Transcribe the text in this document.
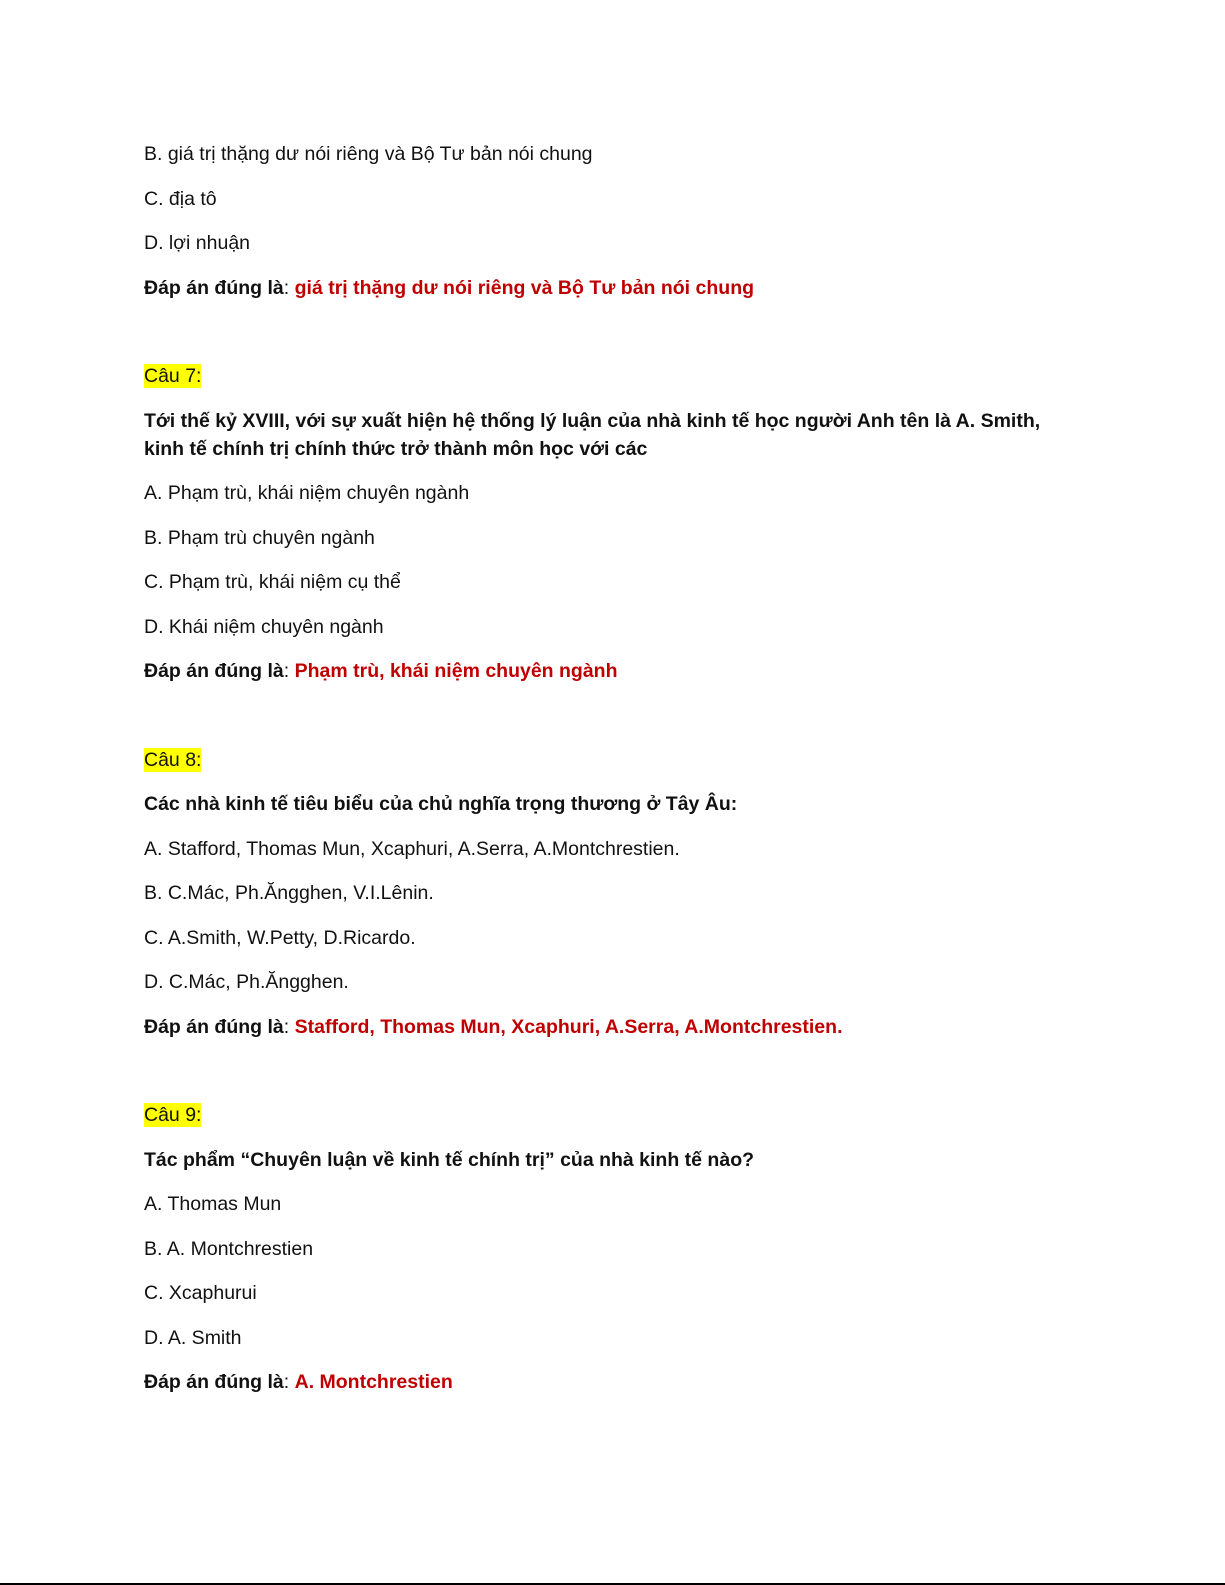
B. giá trị thặng dư nói riêng và Bộ Tư bản nói chung
C. địa tô
D. lợi nhuận
Đáp án đúng là: giá trị thặng dư nói riêng và Bộ Tư bản nói chung
Câu 7:
Tới thế kỷ XVIII, với sự xuất hiện hệ thống lý luận của nhà kinh tế học người Anh tên là A. Smith, kinh tế chính trị chính thức trở thành môn học với các
A. Phạm trù, khái niệm chuyên ngành
B. Phạm trù chuyên ngành
C. Phạm trù, khái niệm cụ thể
D. Khái niệm chuyên ngành
Đáp án đúng là: Phạm trù, khái niệm chuyên ngành
Câu 8:
Các nhà kinh tế tiêu biểu của chủ nghĩa trọng thương ở Tây Âu:
A. Stafford, Thomas Mun, Xcaphuri, A.Serra, A.Montchrestien.
B. C.Mác, Ph.Ăngghen, V.I.Lênin.
C. A.Smith, W.Petty, D.Ricardo.
D. C.Mác, Ph.Ăngghen.
Đáp án đúng là: Stafford, Thomas Mun, Xcaphuri, A.Serra, A.Montchrestien.
Câu 9:
Tác phẩm “Chuyên luận về kinh tế chính trị” của nhà kinh tế nào?
A. Thomas Mun
B. A. Montchrestien
C. Xcaphurui
D. A. Smith
Đáp án đúng là: A. Montchrestien
